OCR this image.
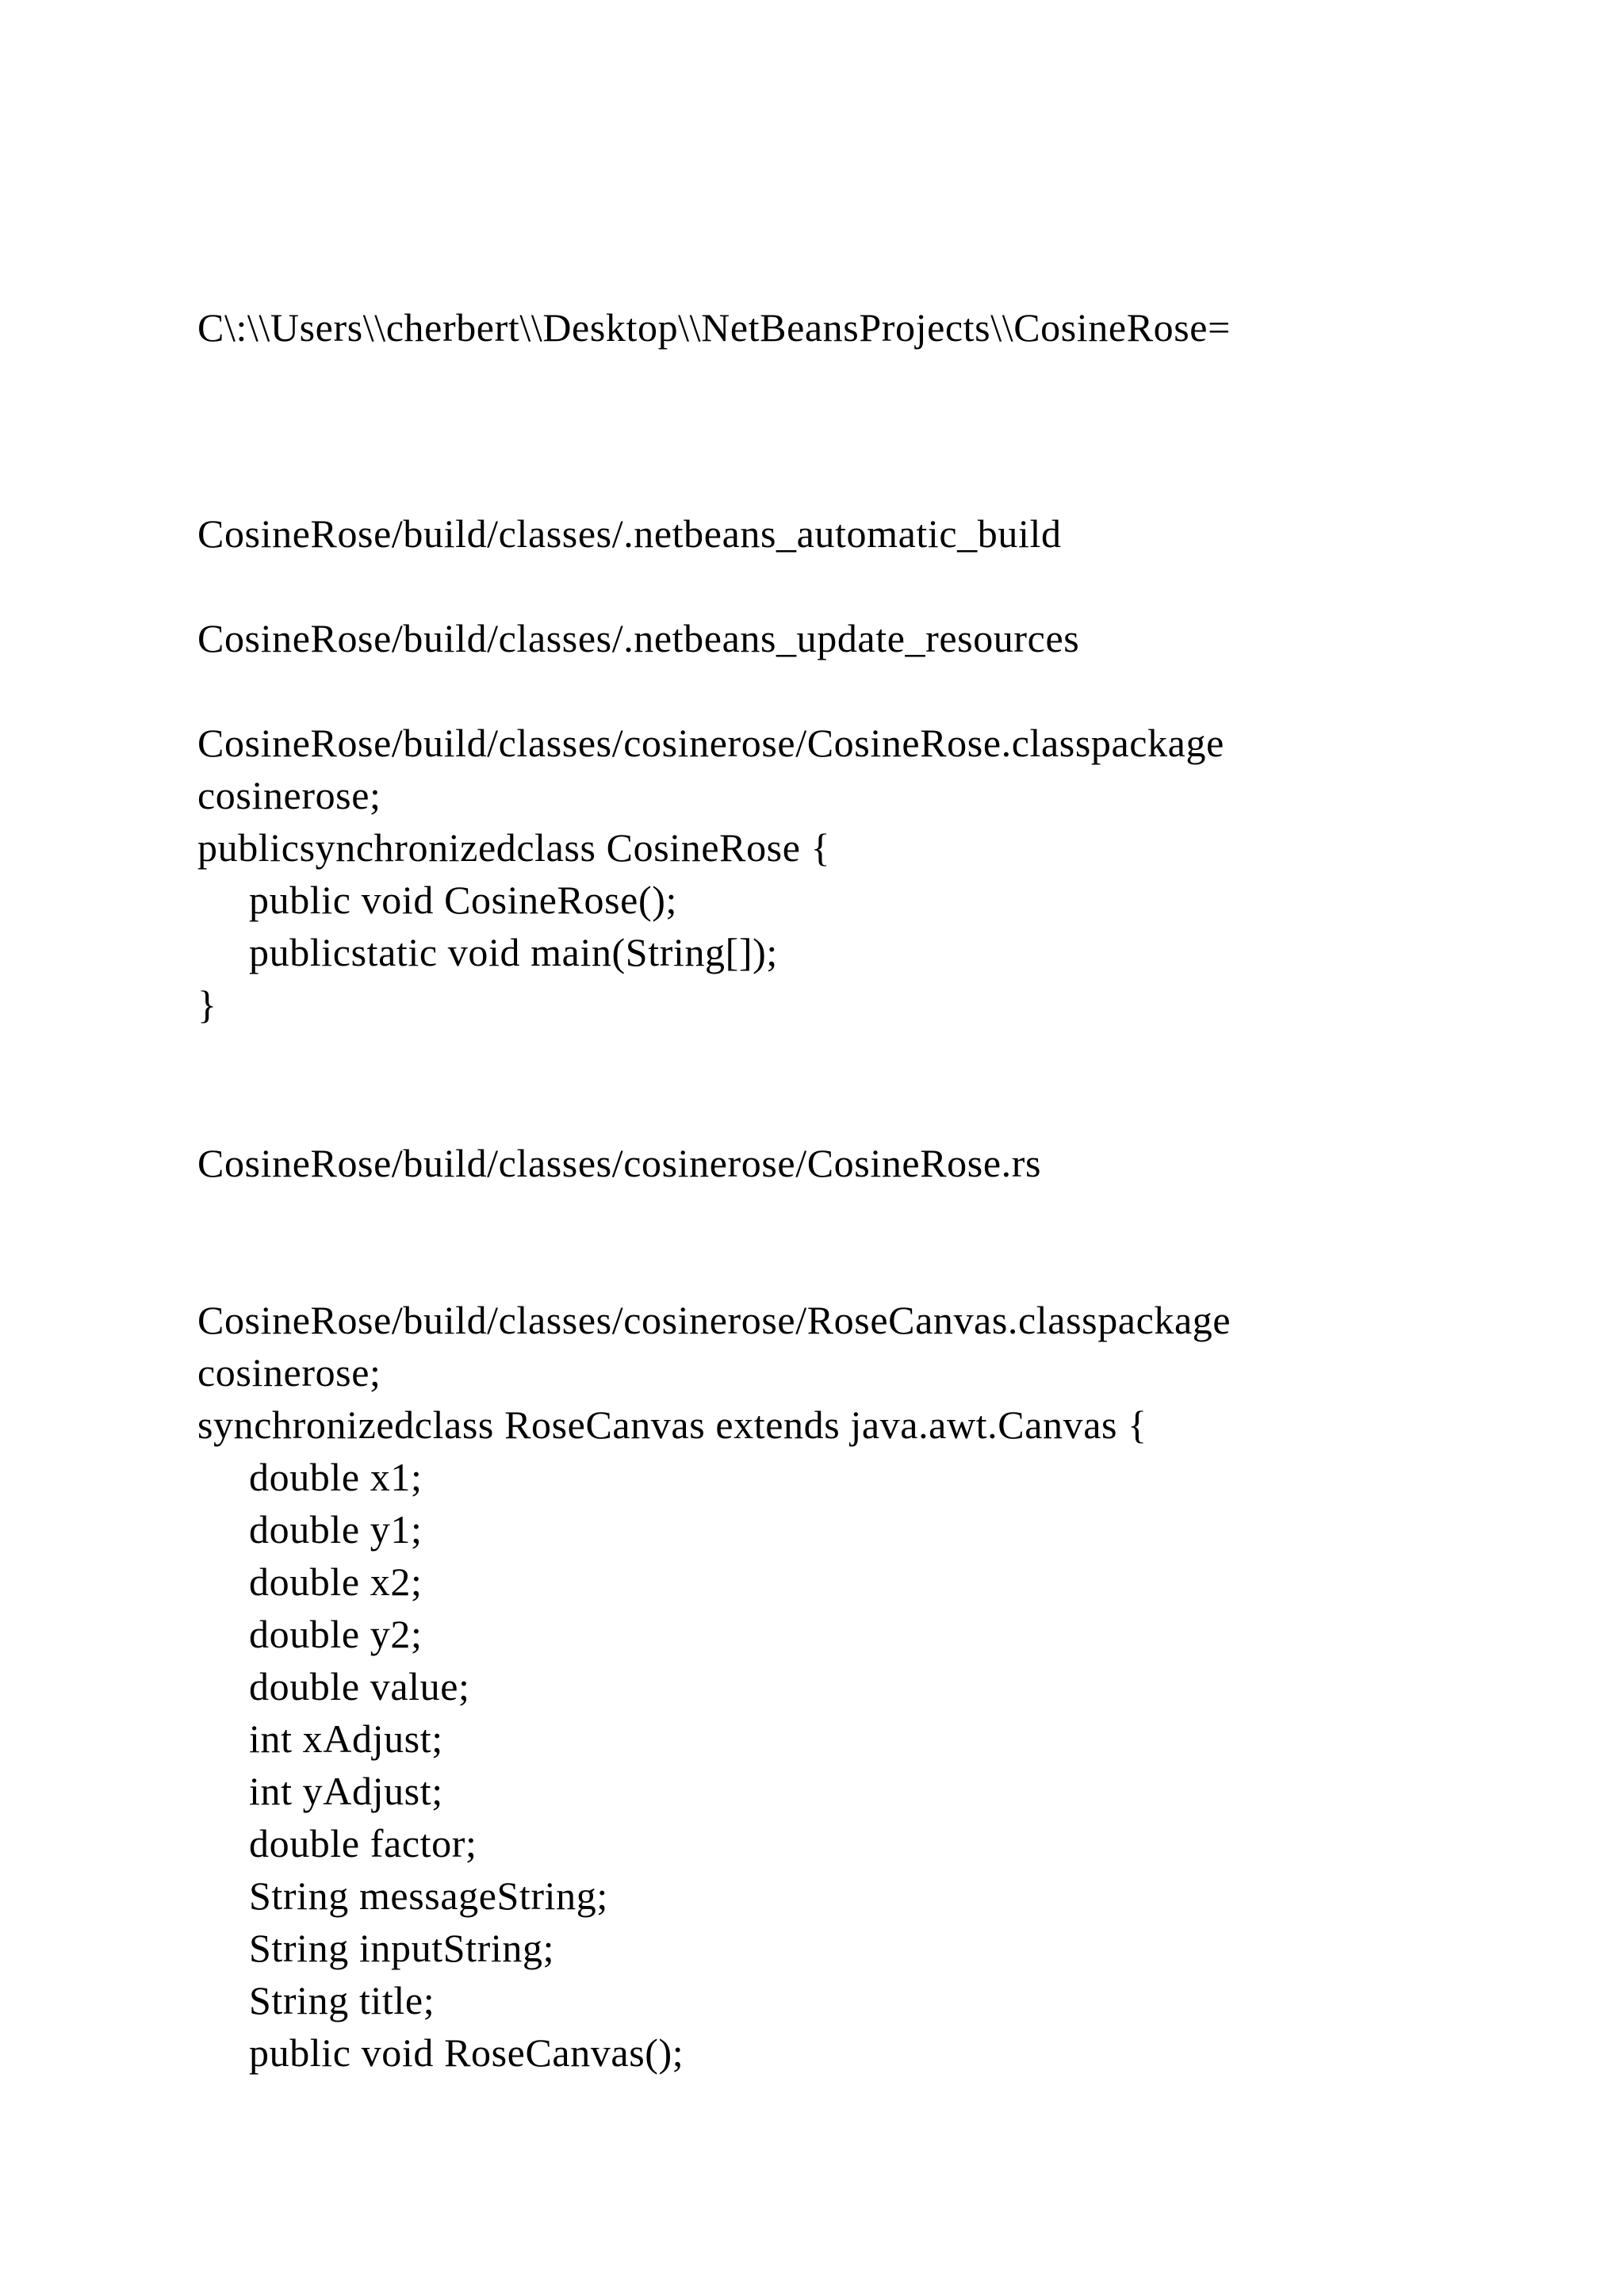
C\:\\Users\\cherbert\\Desktop\\NetBeansProjects\\CosineRose=

CosineRose/build/classes/.netbeans_automatic_build

CosineRose/build/classes/.netbeans_update_resources

CosineRose/build/classes/cosinerose/CosineRose.classpackage

cosinerose;

publicsynchronizedclass CosineRose {

public void CosineRose();

publicstatic void main(String[]);

}

CosineRose/build/classes/cosinerose/CosineRose.rs

CosineRose/build/classes/cosinerose/RoseCanvas.classpackage

cosinerose;

synchronizedclass RoseCanvas extends java.awt.Canvas {

double x1;

double y1;

double x2;

double y2;

double value;

int xAdjust;

int yAdjust;

double factor;

String messageString;

String inputString;

String title;

public void RoseCanvas();
